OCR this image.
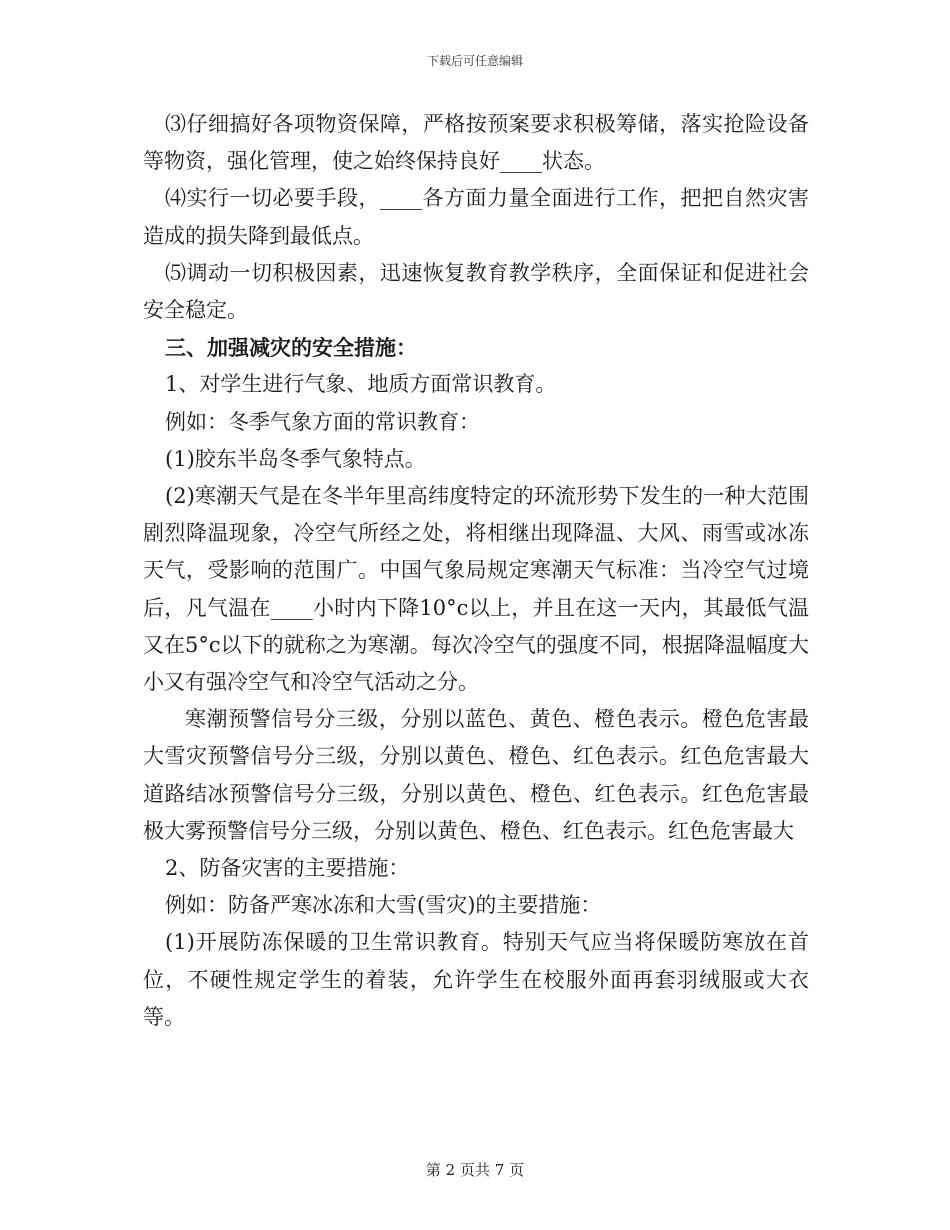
下载后可任意编辑

⑶仔细搞好各项物资保障，严格按预案要求积极筹储，落实抢险设备等物资，强化管理，使之始终保持良好____状态。

⑷实行一切必要手段，____各方面力量全面进行工作，把把自然灾害造成的损失降到最低点。

⑸调动一切积极因素，迅速恢复教育教学秩序，全面保证和促进社会安全稳定。

三、加强减灾的安全措施：

1、对学生进行气象、地质方面常识教育。

例如：冬季气象方面的常识教育：

(1)胶东半岛冬季气象特点。

(2)寒潮天气是在冬半年里高纬度特定的环流形势下发生的一种大范围剧烈降温现象，冷空气所经之处，将相继出现降温、大风、雨雪或冰冻天气，受影响的范围广。中国气象局规定寒潮天气标准：当冷空气过境后，凡气温在____小时内下降10°c以上，并且在这一天内，其最低气温又在5°c以下的就称之为寒潮。每次冷空气的强度不同，根据降温幅度大小又有强冷空气和冷空气活动之分。

寒潮预警信号分三级，分别以蓝色、黄色、橙色表示。橙色危害最大雪灾预警信号分三级，分别以黄色、橙色、红色表示。红色危害最大道路结冰预警信号分三级，分别以黄色、橙色、红色表示。红色危害最极大雾预警信号分三级，分别以黄色、橙色、红色表示。红色危害最大

2、防备灾害的主要措施：

例如：防备严寒冰冻和大雪(雪灾)的主要措施：

(1)开展防冻保暖的卫生常识教育。特别天气应当将保暖防寒放在首位，不硬性规定学生的着装，允许学生在校服外面再套羽绒服或大衣等。

第 2 页共 7 页
